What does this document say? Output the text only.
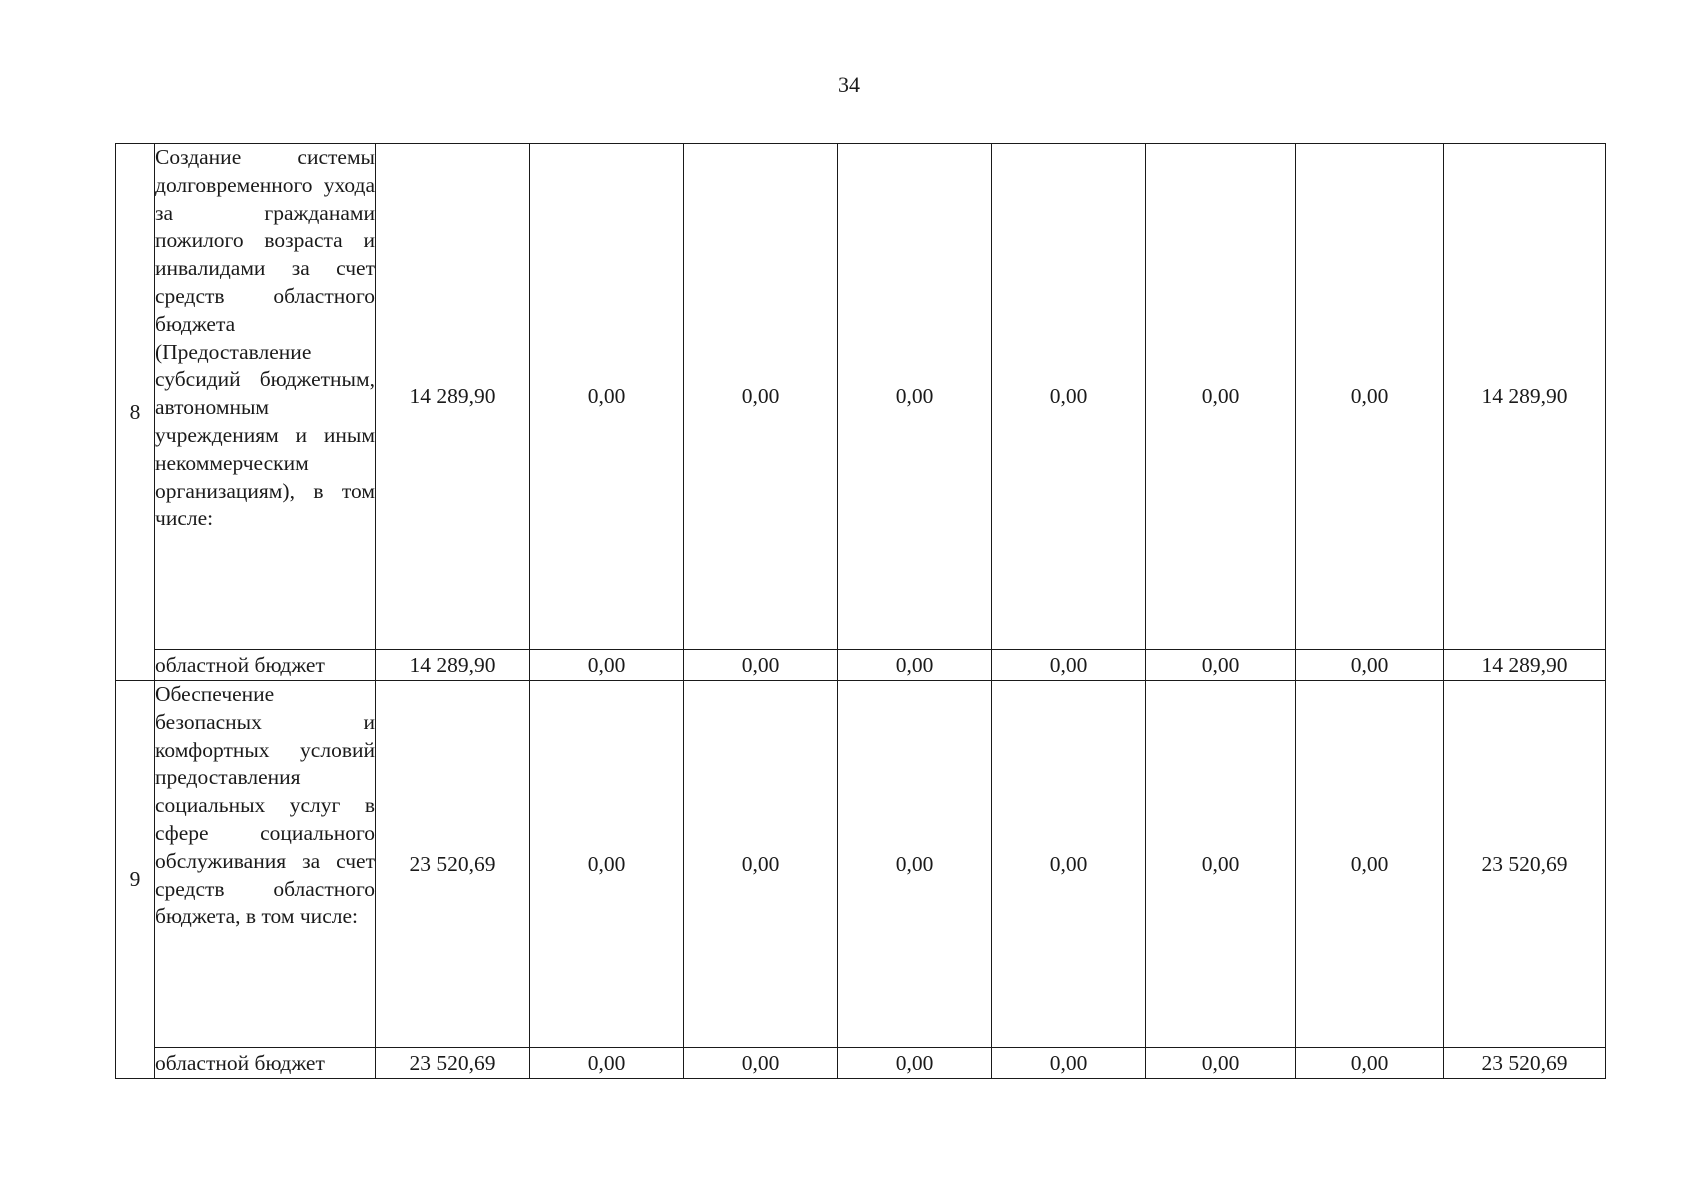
34
8	Создание системы долговременного ухода за гражданами пожилого возраста и инвалидами за счет средств областного бюджета (Предоставление субсидий бюджетным, автономным учреждениям и иным некоммерческим организациям), в том числе:	14 289,90	0,00	0,00	0,00	0,00	0,00	0,00	14 289,90
	областной бюджет	14 289,90	0,00	0,00	0,00	0,00	0,00	0,00	14 289,90
9	Обеспечение безопасных и комфортных условий предоставления социальных услуг в сфере социального обслуживания за счет средств областного бюджета, в том числе:	23 520,69	0,00	0,00	0,00	0,00	0,00	0,00	23 520,69
	областной бюджет	23 520,69	0,00	0,00	0,00	0,00	0,00	0,00	23 520,69
